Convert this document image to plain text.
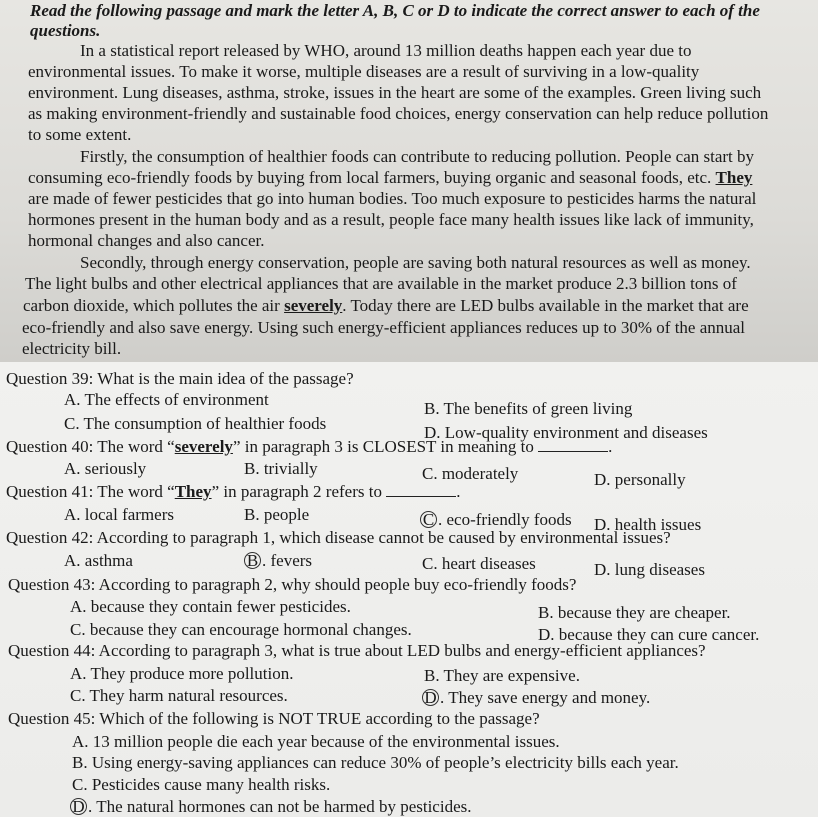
Read the following passage and mark the letter A, B, C or D to indicate the correct answer to each of the
questions.
In a statistical report released by WHO, around 13 million deaths happen each year due to
environmental issues. To make it worse, multiple diseases are a result of surviving in a low-quality
environment. Lung diseases, asthma, stroke, issues in the heart are some of the examples. Green living such
as making environment-friendly and sustainable food choices, energy conservation can help reduce pollution
to some extent.
Firstly, the consumption of healthier foods can contribute to reducing pollution. People can start by
consuming eco-friendly foods by buying from local farmers, buying organic and seasonal foods, etc. They
are made of fewer pesticides that go into human bodies. Too much exposure to pesticides harms the natural
hormones present in the human body and as a result, people face many health issues like lack of immunity,
hormonal changes and also cancer.
Secondly, through energy conservation, people are saving both natural resources as well as money.
The light bulbs and other electrical appliances that are available in the market produce 2.3 billion tons of
carbon dioxide, which pollutes the air severely. Today there are LED bulbs available in the market that are
eco-friendly and also save energy. Using such energy-efficient appliances reduces up to 30% of the annual
electricity bill.
Question 39: What is the main idea of the passage?
A. The effects of environment	B. The benefits of green living
C. The consumption of healthier foods	D. Low-quality environment and diseases
Question 40: The word “severely” in paragraph 3 is CLOSEST in meaning to	.
A. seriously	B. trivially	C. moderately	D. personally
Question 41: The word “They” in paragraph 2 refers to	.
A. local farmers	B. people	C . eco-friendly foods D. health issues
Question 42: According to paragraph 1, which disease cannot be caused by environmental issues?
A. asthma	B . fevers	C. heart diseases	D. lung diseases
Question 43: According to paragraph 2, why should people buy eco-friendly foods?
A. because they contain fewer pesticides.	B. because they are cheaper.
C. because they can encourage hormonal changes.	D. because they can cure cancer.
Question 44: According to paragraph 3, what is true about LED bulbs and energy-efficient appliances?
A. They produce more pollution.	B. They are expensive.
C. They harm natural resources.	D . They save energy and money.
Question 45: Which of the following is NOT TRUE according to the passage?
A. 13 million people die each year because of the environmental issues.
B. Using energy-saving appliances can reduce 30% of people’s electricity bills each year.
C. Pesticides cause many health risks.
D . The natural hormones can not be harmed by pesticides.
